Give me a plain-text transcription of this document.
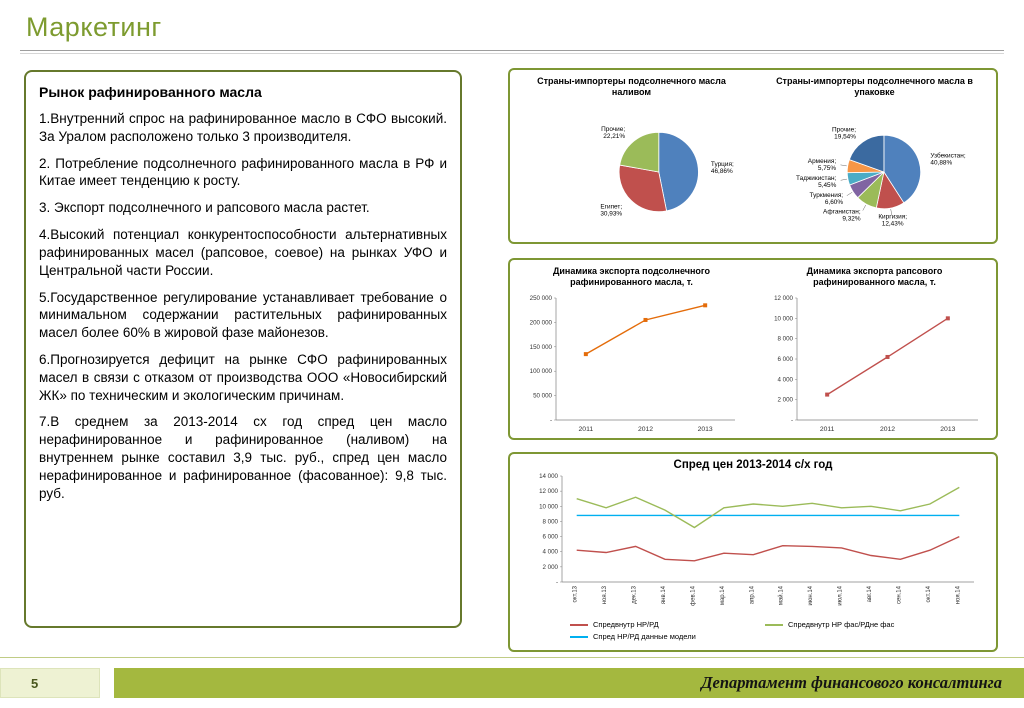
Маркетинг
Рынок рафинированного масла

1.Внутренний спрос на рафинированное масло в СФО высокий. За Уралом расположено только 3 производителя.

2. Потребление подсолнечного рафинированного масла в РФ и Китае имеет тенденцию к росту.

3. Экспорт подсолнечного и рапсового масла растет.

4.Высокий потенциал конкурентоспособности альтернативных рафинированных масел (рапсовое, соевое) на рынках УФО и Центральной части России.

5.Государственное регулирование устанавливает требование о минимальном содержании растительных рафинированных масел более 60% в жировой фазе майонезов.

6.Прогнозируется дефицит на рынке СФО рафинированных масел в связи с отказом от производства ООО «Новосибирский ЖК» по техническим и экологическим причинам.

7.В среднем за 2013-2014 сх год спред цен масло нерафинированное и рафинированное (наливом) на внутреннем рынке составил 3,9 тыс. руб., спред цен масло нерафинированное и рафинированное (фасованное): 9,8 тыс. руб.

Страны-импортеры подсолнечного масла наливом
Турция; 46,86%
Египет; 30,93%
Прочие; 22,21%
Страны-импортеры подсолнечного масла в упаковке
Узбекистан; 40,88%
Киргизия; 12,43%
Афганистан; 9,32%
Туркмения; 6,60%
Таджикистан; 5,45%
Армения; 5,75%
Прочие; 19,54%
Динамика экспорта подсолнечного рафинированного масла, т.
250 000
200 000
150 000
100 000
50 000
-
2011	2012	2013
Динамика экспорта рапсового рафинированного масла, т.
12 000
10 000
8 000
6 000
4 000
2 000
-
2011	2012	2013
Спред цен 2013-2014 с/х год
14 000
12 000
10 000
8 000
6 000
4 000
2 000
-
окт.13	ноя.13	дек.13	янв.14	фев.14	мар.14	апр.14	май.14	июн.14	июл.14	авг.14	сен.14	окт.14	ноя.14
Спредвнутр НР/РД	Спредвнутр НР фас/РДне фас
Спред НР/РД данные модели
5	Департамент финансового консалтинга
